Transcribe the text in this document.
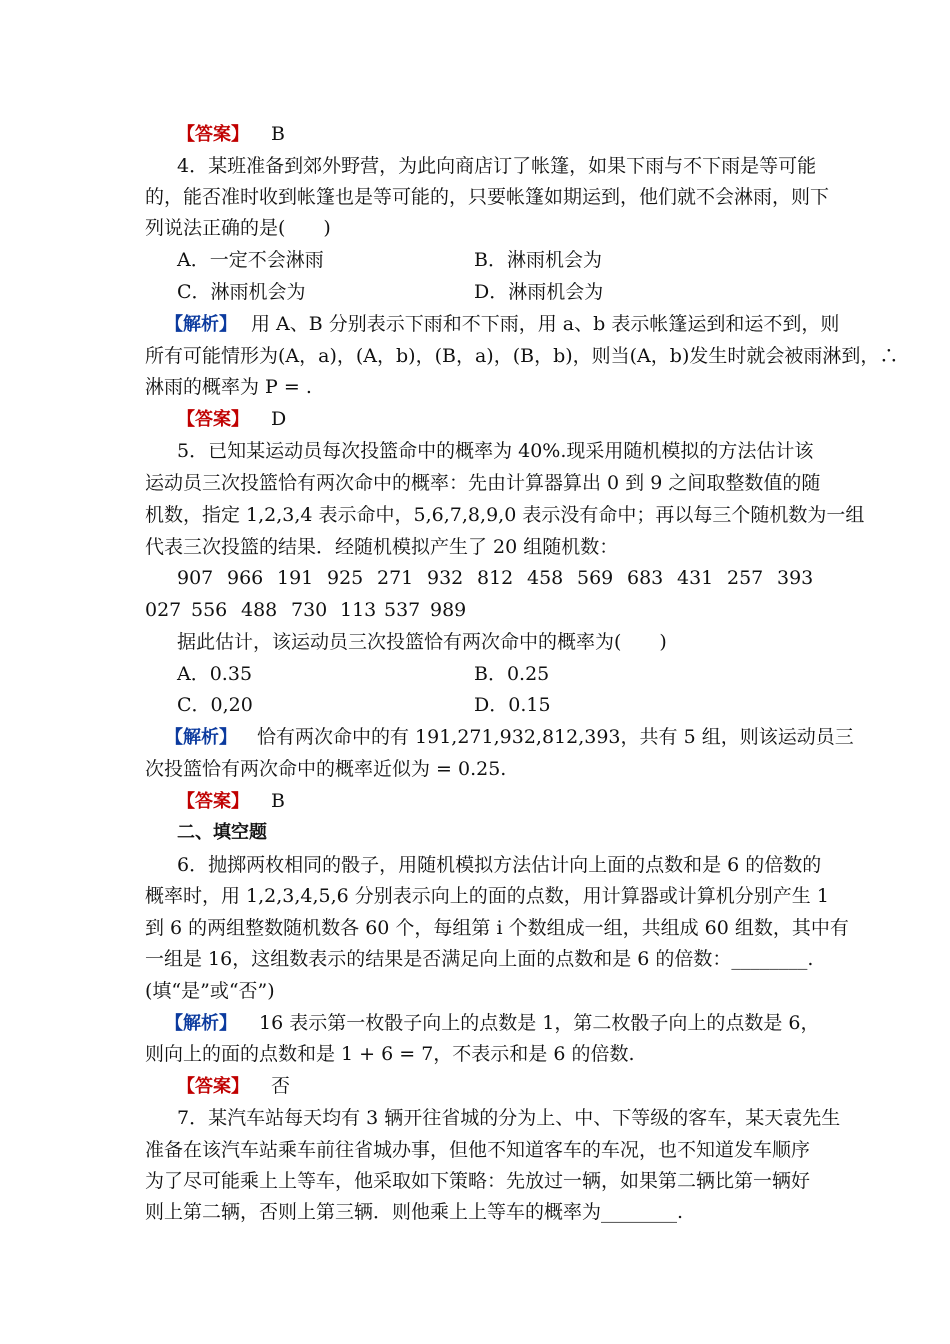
【答案】 B
4．某班准备到郊外野营，为此向商店订了帐篷，如果下雨与不下雨是等可能
的，能否准时收到帐篷也是等可能的，只要帐篷如期运到，他们就不会淋雨，则下
列说法正确的是(　　)
A．一定不会淋雨	B．淋雨机会为
C．淋雨机会为	D．淋雨机会为
【解析】 用 A、B 分别表示下雨和不下雨，用 a、b 表示帐篷运到和运不到，则
所有可能情形为(A，a)，(A，b)，(B，a)，(B，b)，则当(A，b)发生时就会被雨淋到，∴
淋雨的概率为 P = .
【答案】 D
5．已知某运动员每次投篮命中的概率为 40%.现采用随机模拟的方法估计该
运动员三次投篮恰有两次命中的概率：先由计算器算出 0 到 9 之间取整数值的随
机数，指定 1,2,3,4 表示命中，5,6,7,8,9,0 表示没有命中；再以每三个随机数为一组
代表三次投篮的结果．经随机模拟产生了 20 组随机数：
907 966 191 925 271 932 812 458 569 683 431 257 393
027 556 488 730 113 537 989
据此估计，该运动员三次投篮恰有两次命中的概率为(　　)
A．0.35	B．0.25
C．0,20	D．0.15
【解析】 恰有两次命中的有 191,271,932,812,393，共有 5 组，则该运动员三
次投篮恰有两次命中的概率近似为 = 0.25.
【答案】 B
二、填空题
6．抛掷两枚相同的骰子，用随机模拟方法估计向上面的点数和是 6 的倍数的
概率时，用 1,2,3,4,5,6 分别表示向上的面的点数，用计算器或计算机分别产生 1
到 6 的两组整数随机数各 60 个，每组第 i 个数组成一组，共组成 60 组数，其中有
一组是 16，这组数表示的结果是否满足向上面的点数和是 6 的倍数：________.
(填“是”或“否”)
【解析】 16 表示第一枚骰子向上的点数是 1，第二枚骰子向上的点数是 6，
则向上的面的点数和是 1 + 6 = 7，不表示和是 6 的倍数.
【答案】 否
7．某汽车站每天均有 3 辆开往省城的分为上、中、下等级的客车，某天袁先生
准备在该汽车站乘车前往省城办事，但他不知道客车的车况，也不知道发车顺序
为了尽可能乘上上等车，他采取如下策略：先放过一辆，如果第二辆比第一辆好
则上第二辆，否则上第三辆．则他乘上上等车的概率为________.
